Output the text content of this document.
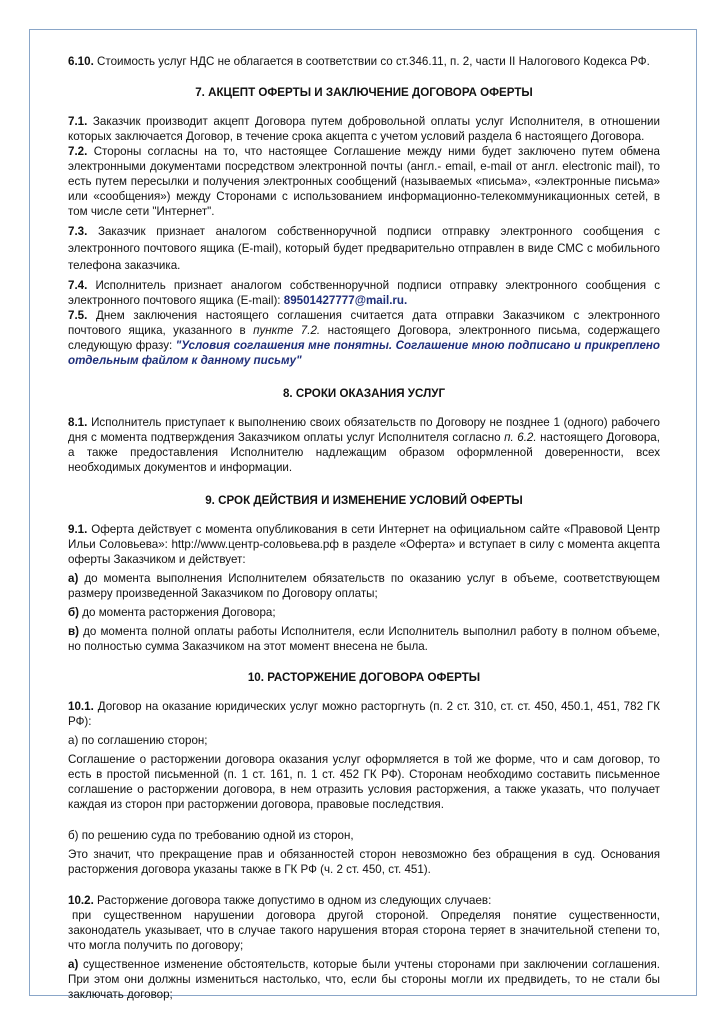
6.10. Стоимость услуг НДС не облагается в соответствии со ст.346.11, п. 2, части II Налогового Кодекса РФ.

7. АКЦЕПТ ОФЕРТЫ И ЗАКЛЮЧЕНИЕ ДОГОВОРА ОФЕРТЫ

7.1. Заказчик производит акцепт Договора путем добровольной оплаты услуг Исполнителя, в отношении которых заключается Договор, в течение срока акцепта с учетом условий раздела 6 настоящего Договора.

7.2. Стороны согласны на то, что настоящее Соглашение между ними будет заключено путем обмена электронными документами посредством электронной почты (англ.- email, e-mail от англ. electronic mail), то есть путем пересылки и получения электронных сообщений (называемых «письма», «электронные письма» или «сообщения») между Сторонами с использованием информационно-телекоммуникационных сетей, в том числе сети "Интернет".

7.3. Заказчик признает аналогом собственноручной подписи отправку электронного сообщения с электронного почтового ящика (E-mail), который будет предварительно отправлен в виде СМС с мобильного телефона заказчика.

7.4. Исполнитель признает аналогом собственноручной подписи отправку электронного сообщения с электронного почтового ящика (E-mail): 89501427777@mail.ru.

7.5. Днем заключения настоящего соглашения считается дата отправки Заказчиком с электронного почтового ящика, указанного в пункте 7.2. настоящего Договора, электронного письма, содержащего следующую фразу: "Условия соглашения мне понятны. Соглашение мною подписано и прикреплено отдельным файлом к данному письму"

8. СРОКИ ОКАЗАНИЯ УСЛУГ

8.1. Исполнитель приступает к выполнению своих обязательств по Договору не позднее 1 (одного) рабочего дня с момента подтверждения Заказчиком оплаты услуг Исполнителя согласно п. 6.2. настоящего Договора, а также предоставления Исполнителю надлежащим образом оформленной доверенности, всех необходимых документов и информации.

9. СРОК ДЕЙСТВИЯ И ИЗМЕНЕНИЕ УСЛОВИЙ ОФЕРТЫ

9.1. Оферта действует с момента опубликования в сети Интернет на официальном сайте «Правовой Центр Ильи Соловьева»: http://www.центр-соловьева.рф в разделе «Оферта» и вступает в силу с момента акцепта оферты Заказчиком и действует:

а) до момента выполнения Исполнителем обязательств по оказанию услуг в объеме, соответствующем размеру произведенной Заказчиком по Договору оплаты;

б) до момента расторжения Договора;

в) до момента полной оплаты работы Исполнителя, если Исполнитель выполнил работу в полном объеме, но полностью сумма Заказчиком на этот момент внесена не была.

10. РАСТОРЖЕНИЕ ДОГОВОРА ОФЕРТЫ

10.1. Договор на оказание юридических услуг можно расторгнуть (п. 2 ст. 310, ст. ст. 450, 450.1, 451, 782 ГК РФ):

а) по соглашению сторон;

Соглашение о расторжении договора оказания услуг оформляется в той же форме, что и сам договор, то есть в простой письменной (п. 1 ст. 161, п. 1 ст. 452 ГК РФ). Сторонам необходимо составить письменное соглашение о расторжении договора, в нем отразить условия расторжения, а также указать, что получает каждая из сторон при расторжении договора, правовые последствия.

б) по решению суда по требованию одной из сторон,

Это значит, что прекращение прав и обязанностей сторон невозможно без обращения в суд. Основания расторжения договора указаны также в ГК РФ (ч. 2 ст. 450, ст. 451).

10.2. Расторжение договора также допустимо в одном из следующих случаев:

при существенном нарушении договора другой стороной. Определяя понятие существенности, законодатель указывает, что в случае такого нарушения вторая сторона теряет в значительной степени то, что могла получить по договору;

а) существенное изменение обстоятельств, которые были учтены сторонами при заключении соглашения. При этом они должны измениться настолько, что, если бы стороны могли их предвидеть, то не стали бы заключать договор;
